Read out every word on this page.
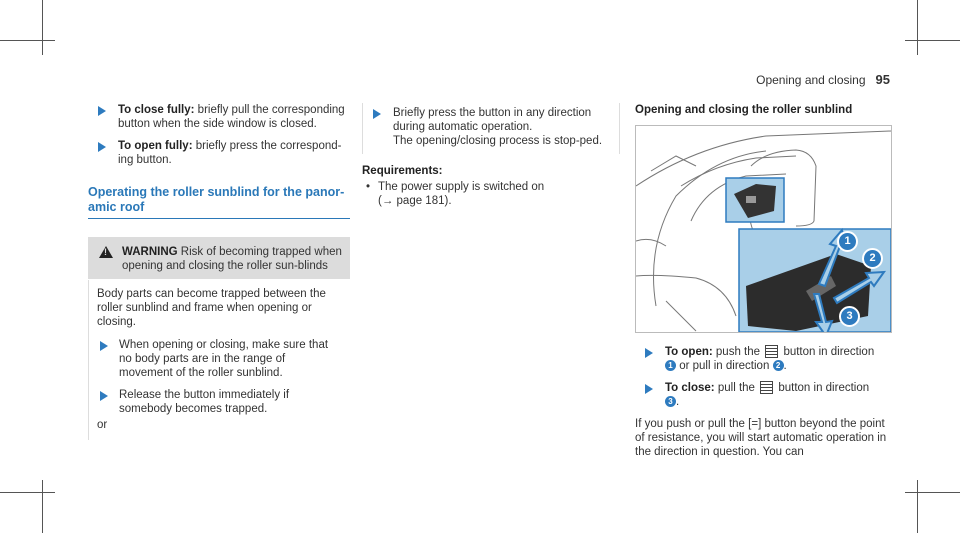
Opening and closing 95
To close fully: briefly pull the corresponding button when the side window is closed.
To open fully: briefly press the correspond-ing button.

Operating the roller sunblind for the panor-amic roof

! WARNING Risk of becoming trapped when opening and closing the roller sun-blinds
Body parts can become trapped between the roller sunblind and frame when opening or closing.
When opening or closing, make sure that no body parts are in the range of movement of the roller sunblind.
Release the button immediately if somebody becomes trapped.
or
Briefly press the button in any direction during automatic operation.
The opening/closing process is stop-ped.
Requirements:
• The power supply is switched on
(→ page 181).
Opening and closing the roller sunblind
1
2
3
To open: push the button in direction
1 or pull in direction 2 .
To close: pull the button in direction
3 .
If you push or pull the [=] button beyond the point of resistance, you will start automatic operation in the direction in question. You can
